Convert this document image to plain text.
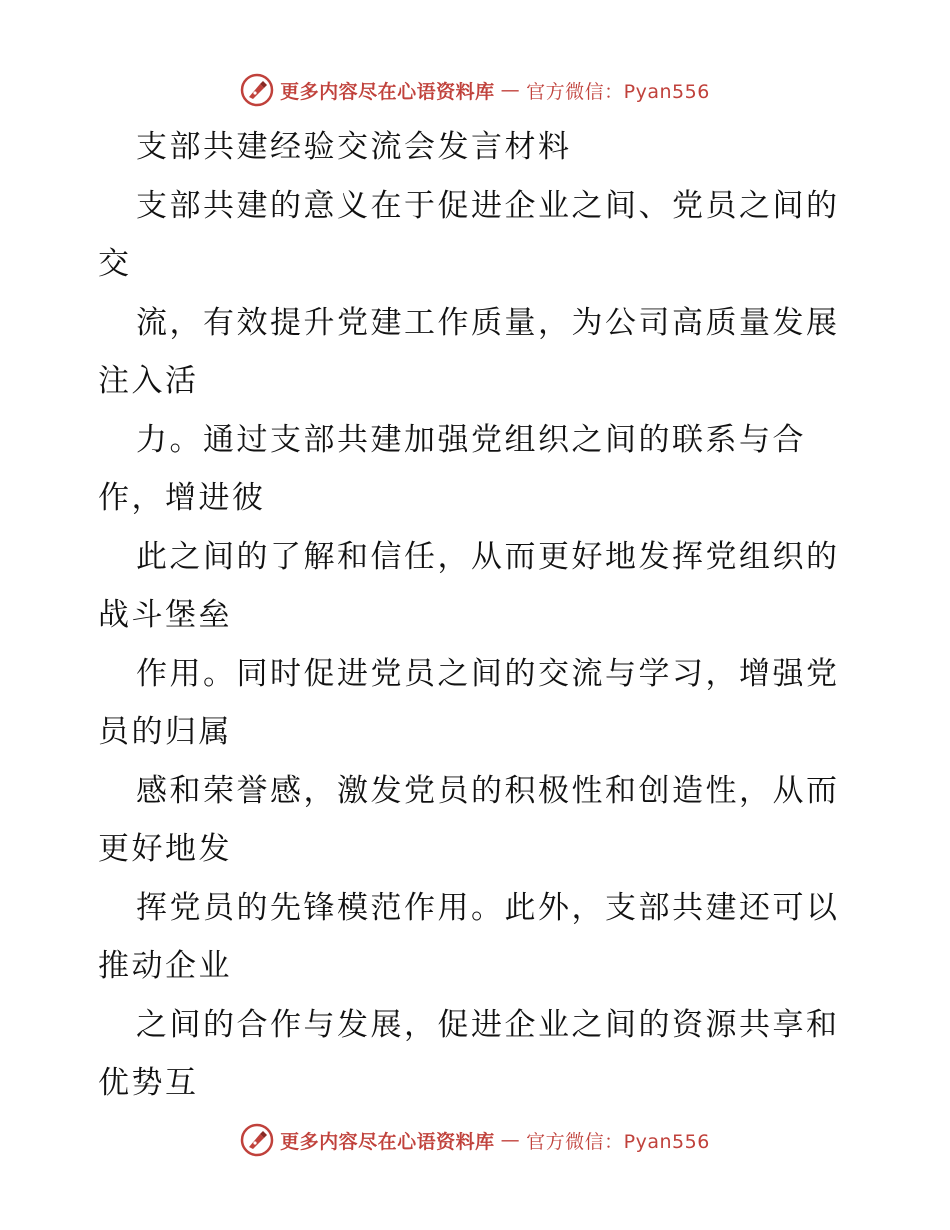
更多内容尽在心语资料库 — 官方微信：Pyan556
支部共建经验交流会发言材料
支部共建的意义在于促进企业之间、党员之间的
交
流，有效提升党建工作质量，为公司高质量发展
注入活
力。通过支部共建加强党组织之间的联系与合
作，增进彼
此之间的了解和信任，从而更好地发挥党组织的
战斗堡垒
作用。同时促进党员之间的交流与学习，增强党
员的归属
感和荣誉感，激发党员的积极性和创造性，从而
更好地发
挥党员的先锋模范作用。此外，支部共建还可以
推动企业
之间的合作与发展，促进企业之间的资源共享和
优势互
更多内容尽在心语资料库 — 官方微信：Pyan556
